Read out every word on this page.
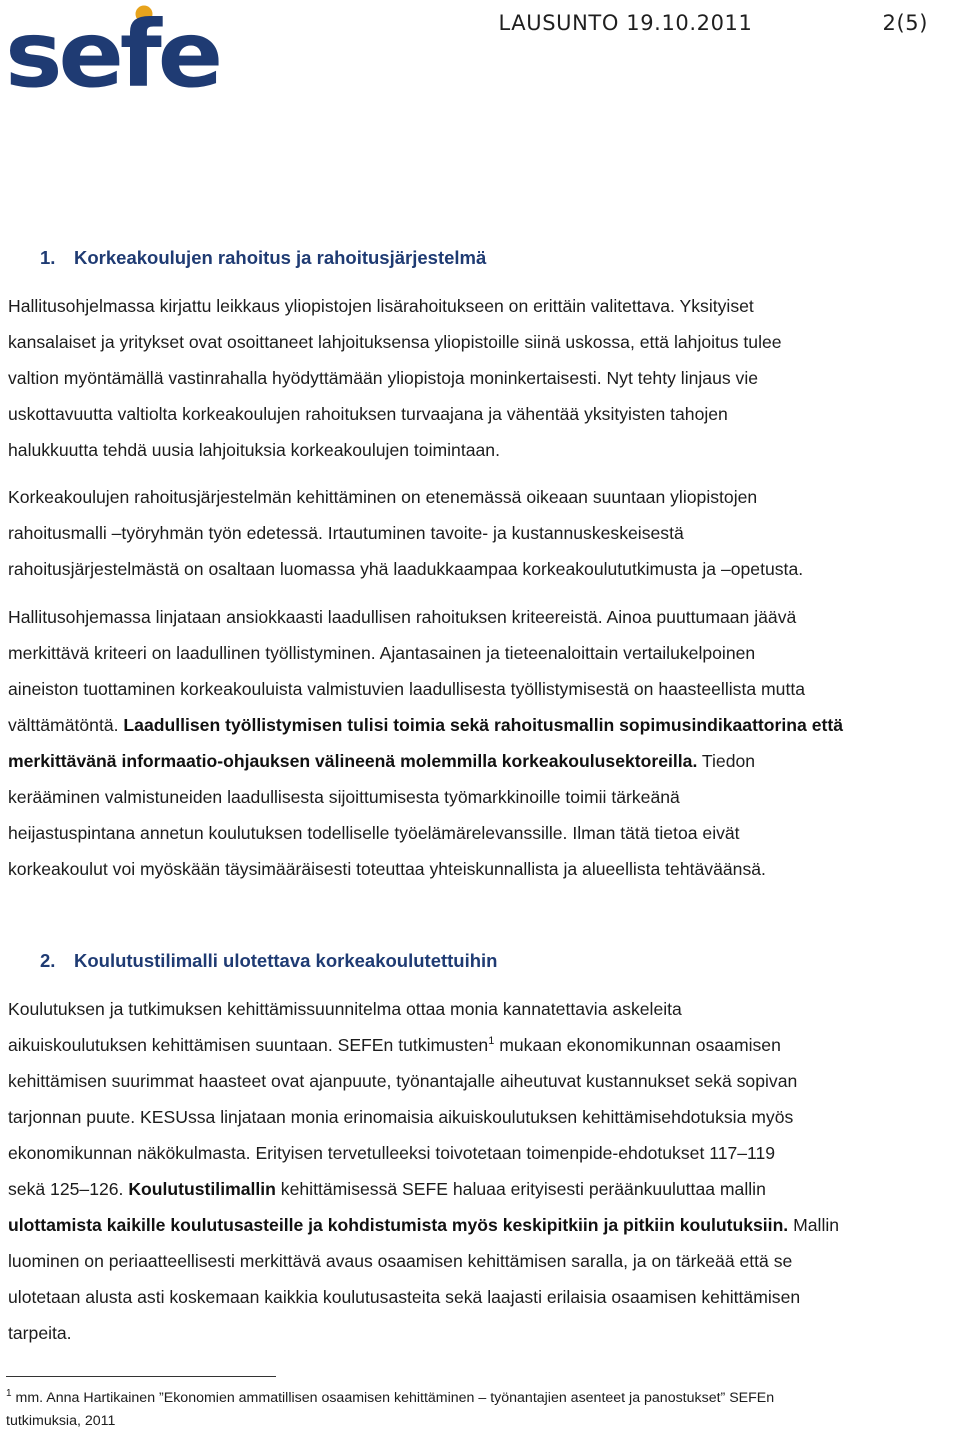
sefe	LAUSUNTO 19.10.2011	2(5)
1. Korkeakoulujen rahoitus ja rahoitusjärjestelmä
Hallitusohjelmassa kirjattu leikkaus yliopistojen lisärahoitukseen on erittäin valitettava. Yksityiset
kansalaiset ja yritykset ovat osoittaneet lahjoituksensa yliopistoille siinä uskossa, että lahjoitus tulee
valtion myöntämällä vastinrahalla hyödyttämään yliopistoja moninkertaisesti. Nyt tehty linjaus vie
uskottavuutta valtiolta korkeakoulujen rahoituksen turvaajana ja vähentää yksityisten tahojen
halukkuutta tehdä uusia lahjoituksia korkeakoulujen toimintaan.
Korkeakoulujen rahoitusjärjestelmän kehittäminen on etenemässä oikeaan suuntaan yliopistojen
rahoitusmalli –työryhmän työn edetessä. Irtautuminen tavoite- ja kustannuskeskeisestä
rahoitusjärjestelmästä on osaltaan luomassa yhä laadukkaampaa korkeakoulututkimusta ja –opetusta.
Hallitusohjemassa linjataan ansiokkaasti laadullisen rahoituksen kriteereistä. Ainoa puuttumaan jäävä
merkittävä kriteeri on laadullinen työllistyminen. Ajantasainen ja tieteenaloittain vertailukelpoinen
aineiston tuottaminen korkeakouluista valmistuvien laadullisesta työllistymisestä on haasteellista mutta
välttämätöntä. Laadullisen työllistymisen tulisi toimia sekä rahoitusmallin sopimusindikaattorina että
merkittävänä informaatio-ohjauksen välineenä molemmilla korkeakoulusektoreilla. Tiedon
kerääminen valmistuneiden laadullisesta sijoittumisesta työmarkkinoille toimii tärkeänä
heijastuspintana annetun koulutuksen todelliselle työelämärelevanssille. Ilman tätä tietoa eivät
korkeakoulut voi myöskään täysimääräisesti toteuttaa yhteiskunnallista ja alueellista tehtäväänsä.
2. Koulutustilimalli ulotettava korkeakoulutettuihin
Koulutuksen ja tutkimuksen kehittämissuunnitelma ottaa monia kannatettavia askeleita
aikuiskoulutuksen kehittämisen suuntaan. SEFEn tutkimusten$^1$ mukaan ekonomikunnan osaamisen
kehittämisen suurimmat haasteet ovat ajanpuute, työnantajalle aiheutuvat kustannukset sekä sopivan
tarjonnan puute. KESUssa linjataan monia erinomaisia aikuiskoulutuksen kehittämisehdotuksia myös
ekonomikunnan näkökulmasta. Erityisen tervetulleeksi toivotetaan toimenpide-ehdotukset 117–119
sekä 125–126. Koulutustilimallin kehittämisessä SEFE haluaa erityisesti peräänkuuluttaa mallin
ulottamista kaikille koulutusasteille ja kohdistumista myös keskipitkiin ja pitkiin koulutuksiin. Mallin
luominen on periaatteellisesti merkittävä avaus osaamisen kehittämisen saralla, ja on tärkeää että se
ulotetaan alusta asti koskemaan kaikkia koulutusasteita sekä laajasti erilaisia osaamisen kehittämisen
tarpeita.
$^1$ mm. Anna Hartikainen ”Ekonomien ammatillisen osaamisen kehittäminen – työnantajien asenteet ja panostukset” SEFEn
tutkimuksia, 2011
